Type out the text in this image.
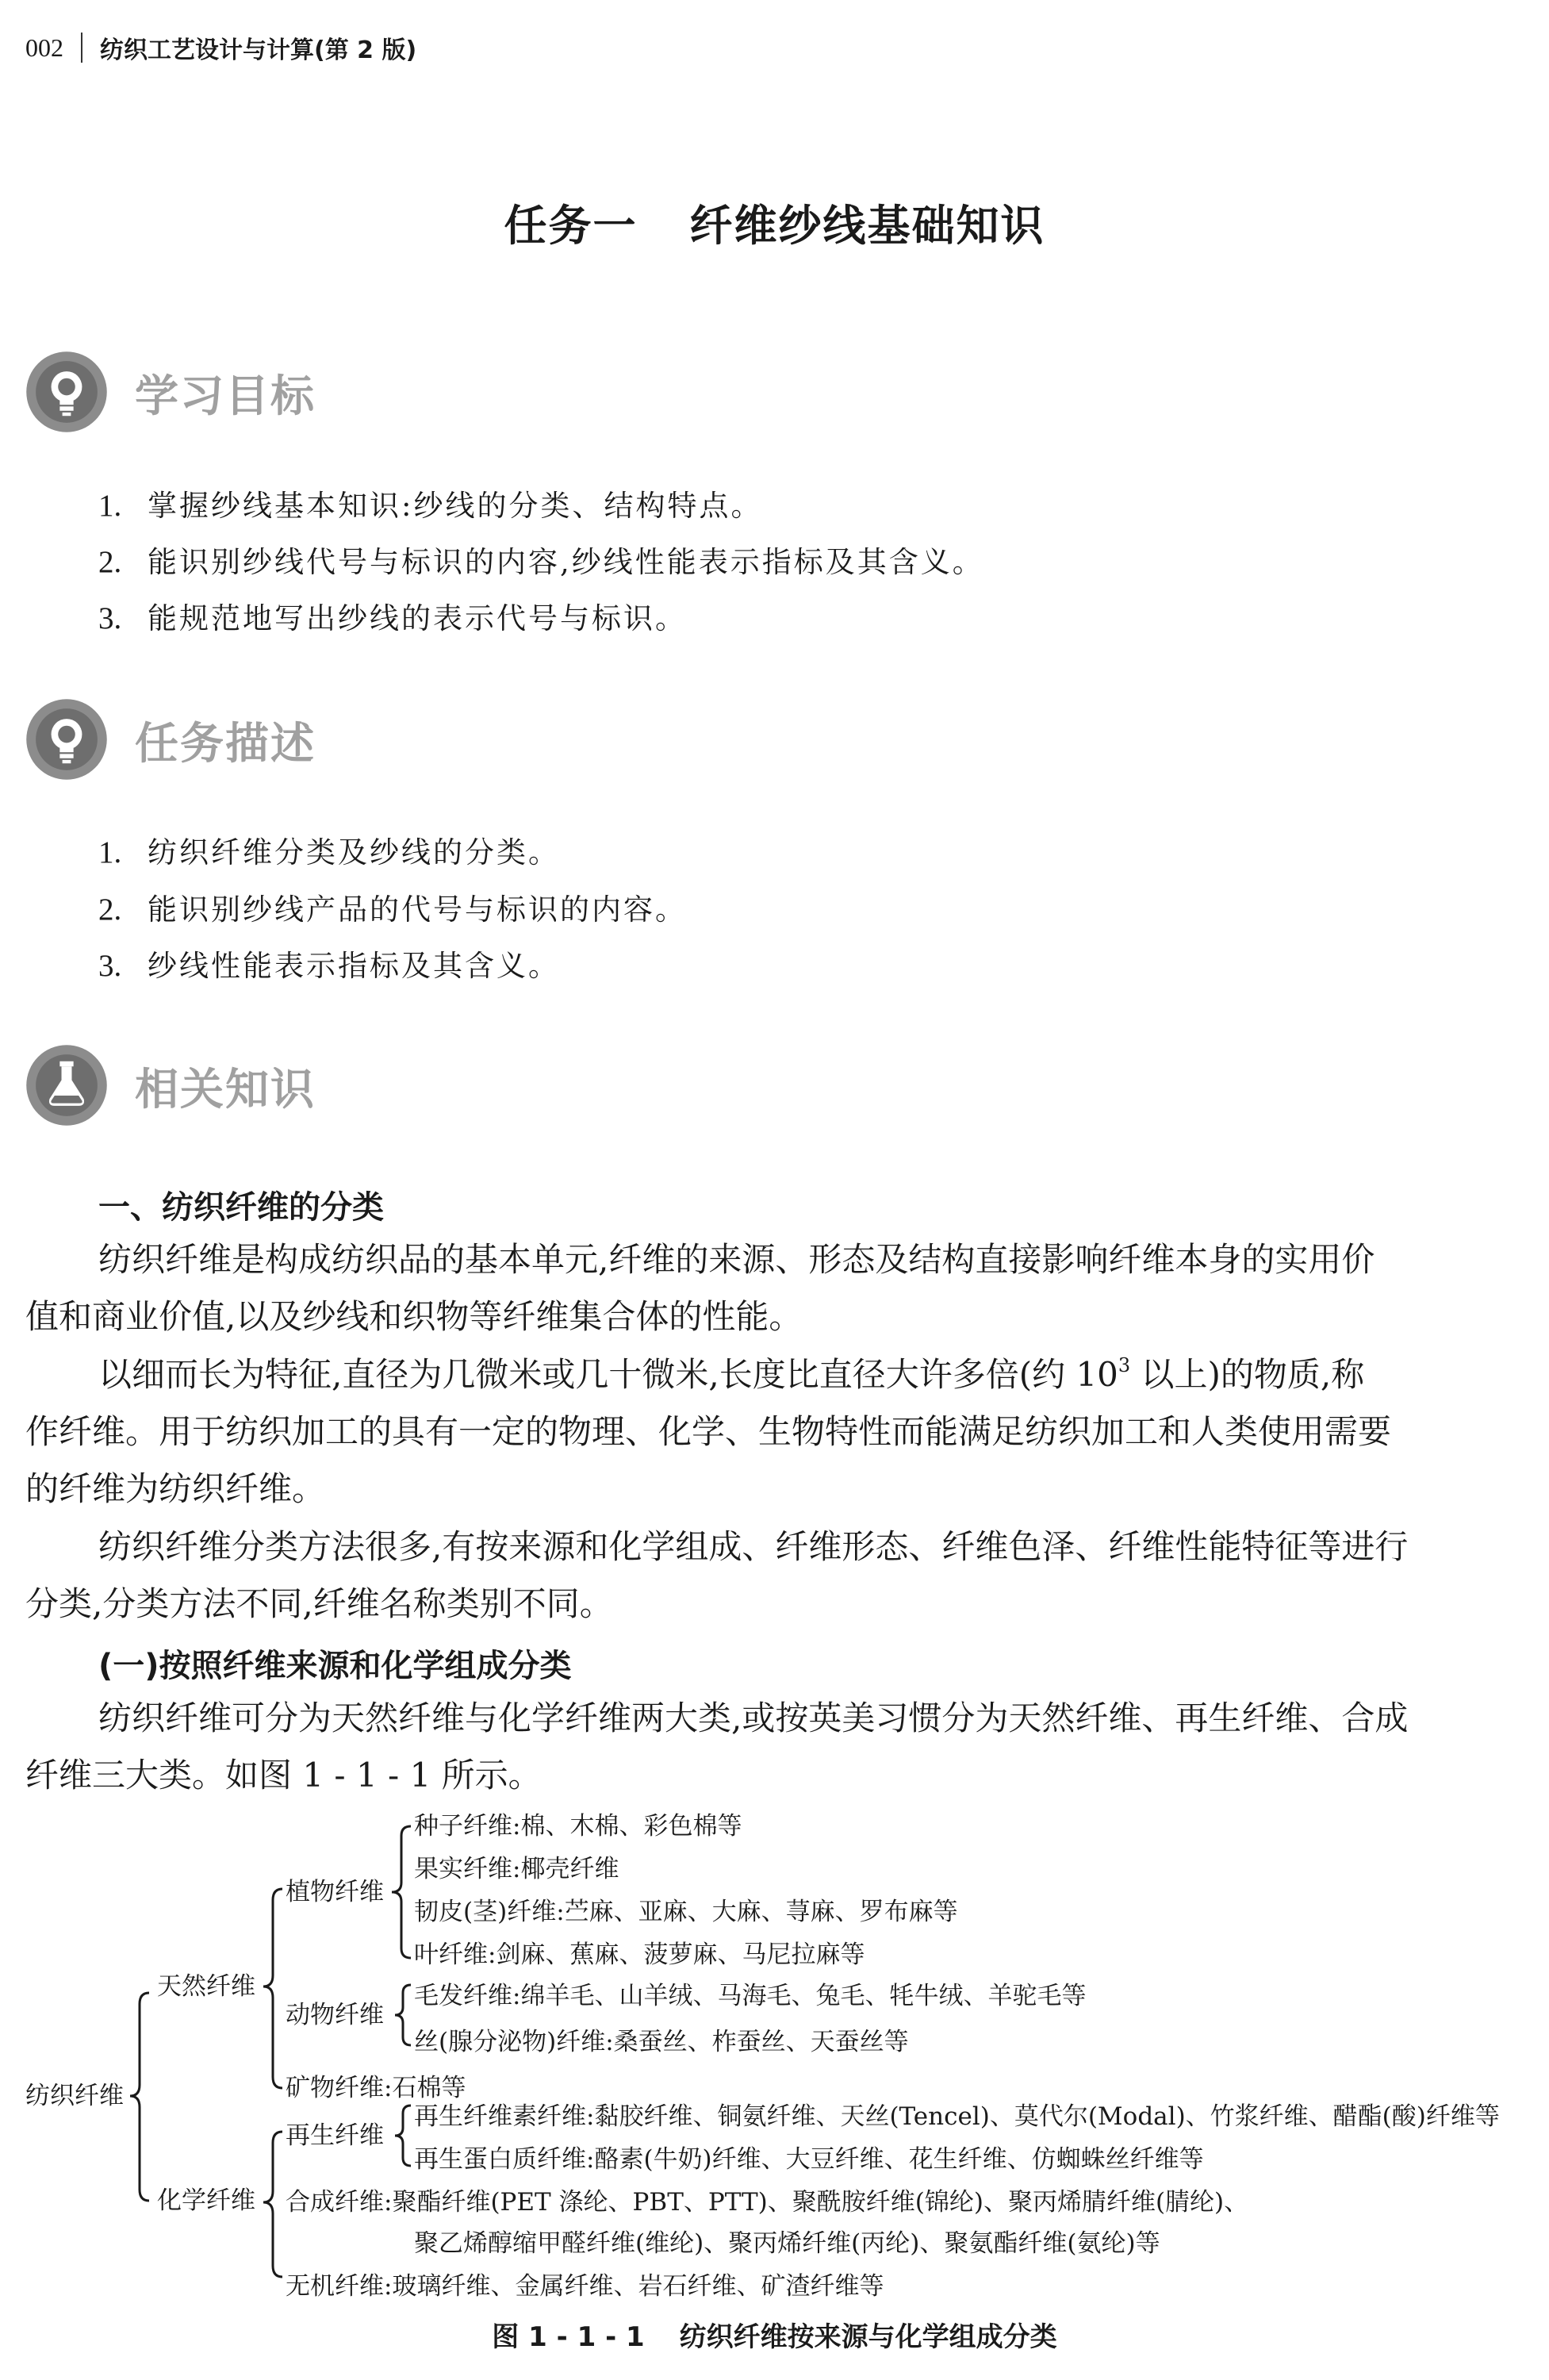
002 纺织工艺设计与计算(第 2 版)
任务一 纤维纱线基础知识
学习目标
1. 掌握纱线基本知识:纱线的分类、结构特点。
2. 能识别纱线代号与标识的内容,纱线性能表示指标及其含义。
3. 能规范地写出纱线的表示代号与标识。
任务描述
1. 纺织纤维分类及纱线的分类。
2. 能识别纱线产品的代号与标识的内容。
3. 纱线性能表示指标及其含义。
相关知识
一、纺织纤维的分类
纺织纤维是构成纺织品的基本单元,纤维的来源、形态及结构直接影响纤维本身的实用价
值和商业价值,以及纱线和织物等纤维集合体的性能。
以细而长为特征,直径为几微米或几十微米,长度比直径大许多倍(约 $10^3$ 以上)的物质,称
作纤维。用于纺织加工的具有一定的物理、化学、生物特性而能满足纺织加工和人类使用需要
的纤维为纺织纤维。
纺织纤维分类方法很多,有按来源和化学组成、纤维形态、纤维色泽、纤维性能特征等进行
分类,分类方法不同,纤维名称类别不同。
(一)按照纤维来源和化学组成分类
纺织纤维可分为天然纤维与化学纤维两大类,或按英美习惯分为天然纤维、再生纤维、合成
纤维三大类。如图 1 - 1 - 1 所示。
纺织纤维
天然纤维
化学纤维
植物纤维
动物纤维
矿物纤维:石棉等
种子纤维:棉、木棉、彩色棉等
果实纤维:椰壳纤维
韧皮(茎)纤维:苎麻、亚麻、大麻、荨麻、罗布麻等
叶纤维:剑麻、蕉麻、菠萝麻、马尼拉麻等
毛发纤维:绵羊毛、山羊绒、马海毛、兔毛、牦牛绒、羊驼毛等
丝(腺分泌物)纤维:桑蚕丝、柞蚕丝、天蚕丝等
再生纤维
再生纤维素纤维:黏胶纤维、铜氨纤维、天丝(Tencel)、莫代尔(Modal)、竹浆纤维、醋酯(酸)纤维等
再生蛋白质纤维:酪素(牛奶)纤维、大豆纤维、花生纤维、仿蜘蛛丝纤维等
合成纤维:聚酯纤维(PET 涤纶、PBT、PTT)、聚酰胺纤维(锦纶)、聚丙烯腈纤维(腈纶)、
聚乙烯醇缩甲醛纤维(维纶)、聚丙烯纤维(丙纶)、聚氨酯纤维(氨纶)等
无机纤维:玻璃纤维、金属纤维、岩石纤维、矿渣纤维等
图 1 - 1 - 1 纺织纤维按来源与化学组成分类
